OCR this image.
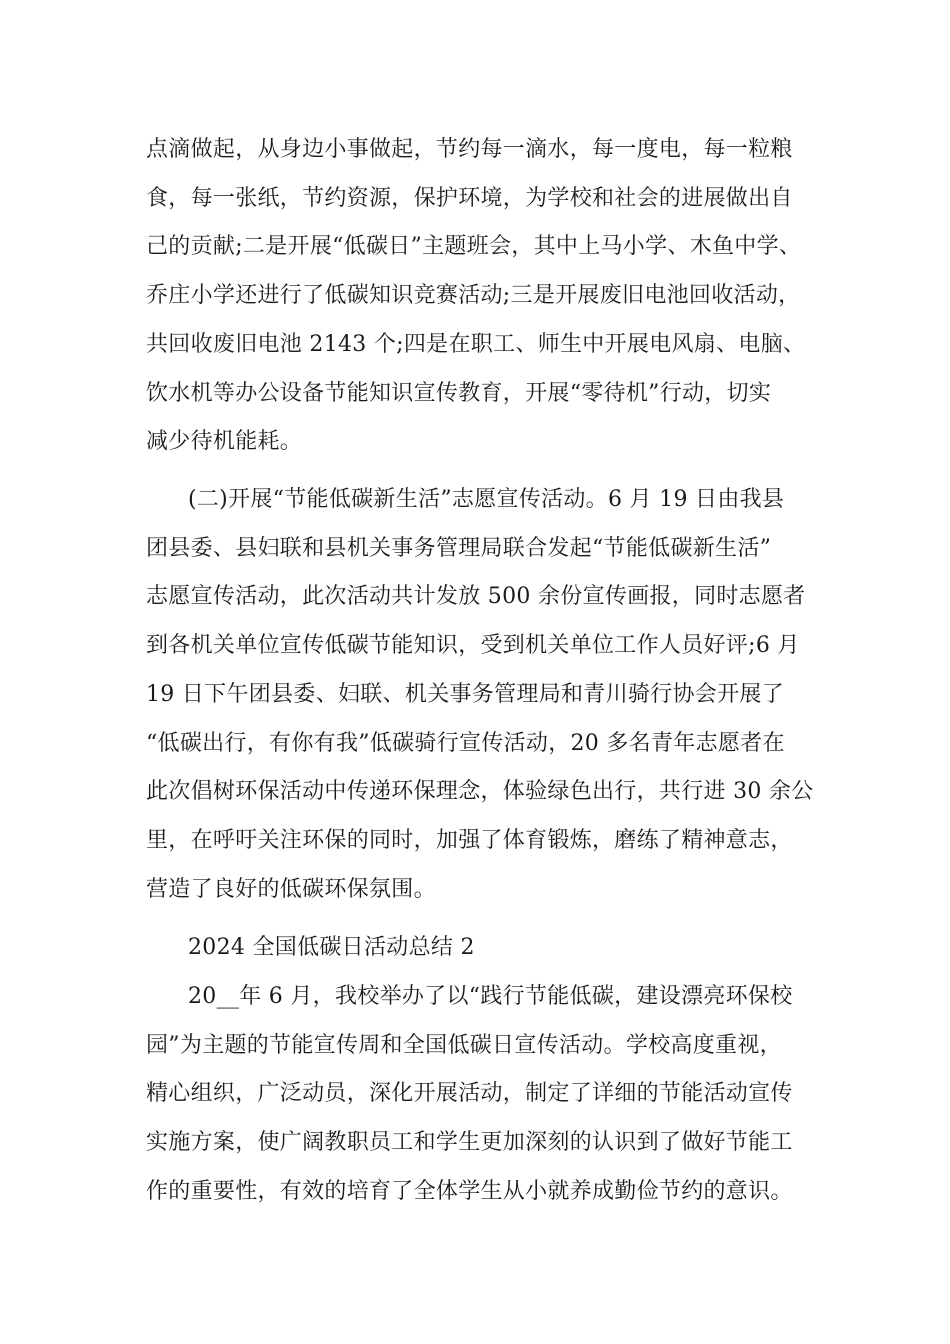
点滴做起，从身边小事做起，节约每一滴水，每一度电，每一粒粮
食，每一张纸，节约资源，保护环境，为学校和社会的进展做出自
己的贡献;二是开展“低碳日”主题班会，其中上马小学、木鱼中学、
乔庄小学还进行了低碳知识竞赛活动;三是开展废旧电池回收活动，
共回收废旧电池 2143 个;四是在职工、师生中开展电风扇、电脑、
饮水机等办公设备节能知识宣传教育，开展“零待机”行动，切实
减少待机能耗。
(二)开展“节能低碳新生活”志愿宣传活动。6 月 19 日由我县
团县委、县妇联和县机关事务管理局联合发起“节能低碳新生活”
志愿宣传活动，此次活动共计发放 500 余份宣传画报，同时志愿者
到各机关单位宣传低碳节能知识，受到机关单位工作人员好评;6 月
19 日下午团县委、妇联、机关事务管理局和青川骑行协会开展了
“低碳出行，有你有我”低碳骑行宣传活动，20 多名青年志愿者在
此次倡树环保活动中传递环保理念，体验绿色出行，共行进 30 余公
里，在呼吁关注环保的同时，加强了体育锻炼，磨练了精神意志，
营造了良好的低碳环保氛围。
2024 全国低碳日活动总结 2
20__年 6 月，我校举办了以“践行节能低碳，建设漂亮环保校
园”为主题的节能宣传周和全国低碳日宣传活动。学校高度重视，
精心组织，广泛动员，深化开展活动，制定了详细的节能活动宣传
实施方案，使广阔教职员工和学生更加深刻的认识到了做好节能工
作的重要性，有效的培育了全体学生从小就养成勤俭节约的意识。
